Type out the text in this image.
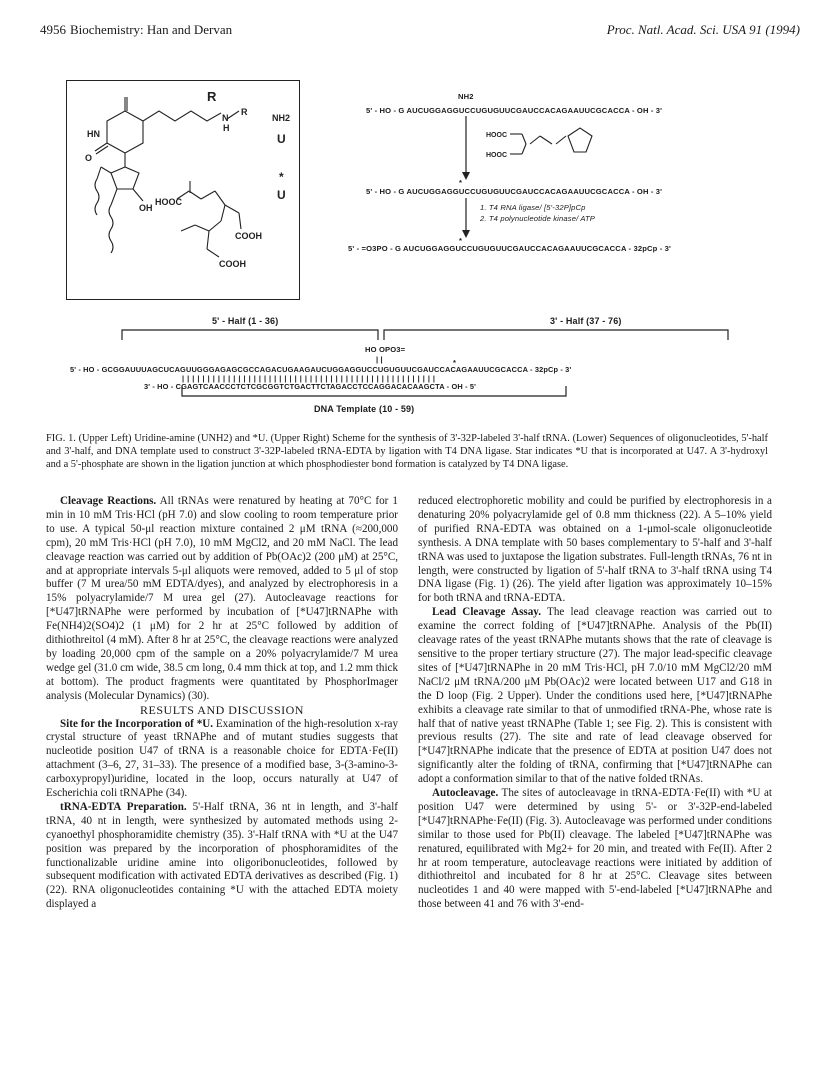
4956 Biochemistry: Han and Dervan	Proc. Natl. Acad. Sci. USA 91 (1994)
R
N
R
H
NH2
U
*
U
HN
O
OH
HOOC
COOH
COOH
NH2
5' - HO - G AUCUGGAGGUCCUGUGUUCGAUCCACAGAAUUCGCACCA - OH - 3'
HOOC
HOOC
*
5' - HO - G AUCUGGAGGUCCUGUGUUCGAUCCACAGAAUUCGCACCA - OH - 3'
1. T4 RNA ligase/ [5'-32P]pCp
2. T4 polynucleotide kinase/ ATP
*
5' - =O3PO - G AUCUGGAGGUCCUGUGUUCGAUCCACAGAAUUCGCACCA - 32pCp - 3'
5' - Half (1 - 36)	3' - Half (37 - 76)
HO OPO3=
| |	*
5' - HO - GCGGAUUUAGCUCAGUUGGGAGAGCGCCAGACUGAAGAUCUGGAGGUCCUGUGUUCGAUCCACAGAAUUCGCACCA - 32pCp - 3'
| | | | | | | | | | | | | | | | | | | | | | | | | | | | | | | | | | | | | | | | | | | | | | | | | |
3' - HO - CGAGTCAACCCTCTCGCGGTCTGACTTCTAGACCTCCAGGACACAAGCTA - OH - 5'
DNA Template (10 - 59)
FIG. 1. (Upper Left) Uridine-amine (UNH2) and *U. (Upper Right) Scheme for the synthesis of 3'-32P-labeled 3'-half tRNA. (Lower) Sequences of oligonucleotides, 5'-half and 3'-half, and DNA template used to construct 3'-32P-labeled tRNA-EDTA by ligation with T4 DNA ligase. Star indicates *U that is incorporated at U47. A 3'-hydroxyl and a 5'-phosphate are shown in the ligation junction at which phosphodiester bond formation is catalyzed by T4 DNA ligase.

Cleavage Reactions. All tRNAs were renatured by heating at 70°C for 1 min in 10 mM Tris·HCl (pH 7.0) and slow cooling to room temperature prior to use. A typical 50-μl reaction mixture contained 2 μM tRNA (≈200,000 cpm), 20 mM Tris·HCl (pH 7.0), 10 mM MgCl2, and 20 mM NaCl. The lead cleavage reaction was carried out by addition of Pb(OAc)2 (200 μM) at 25°C, and at appropriate intervals 5-μl aliquots were removed, added to 5 μl of stop buffer (7 M urea/50 mM EDTA/dyes), and analyzed by electrophoresis in a 15% polyacrylamide/7 M urea gel (27). Autocleavage reactions for [*U47]tRNAPhe were performed by incubation of [*U47]tRNAPhe with Fe(NH4)2(SO4)2 (1 μM) for 2 hr at 25°C followed by addition of dithiothreitol (4 mM). After 8 hr at 25°C, the cleavage reactions were analyzed by loading 20,000 cpm of the sample on a 20% polyacrylamide/7 M urea wedge gel (31.0 cm wide, 38.5 cm long, 0.4 mm thick at top, and 1.2 mm thick at bottom). The product fragments were quantitated by PhosphorImager analysis (Molecular Dynamics) (30).

RESULTS AND DISCUSSION

Site for the Incorporation of *U. Examination of the high-resolution x-ray crystal structure of yeast tRNAPhe and of mutant studies suggests that nucleotide position U47 of tRNA is a reasonable choice for EDTA·Fe(II) attachment (3–6, 27, 31–33). The presence of a modified base, 3-(3-amino-3-carboxypropyl)uridine, located in the loop, occurs naturally at U47 of Escherichia coli tRNAPhe (34).

tRNA-EDTA Preparation. 5'-Half tRNA, 36 nt in length, and 3'-half tRNA, 40 nt in length, were synthesized by automated methods using 2-cyanoethyl phosphoramidite chemistry (35). 3'-Half tRNA with *U at the U47 position was prepared by the incorporation of phosphoramidites of the functionalizable uridine amine into oligoribonucleotides, followed by subsequent modification with activated EDTA derivatives as described (Fig. 1) (22). RNA oligonucleotides containing *U with the attached EDTA moiety displayed a

reduced electrophoretic mobility and could be purified by electrophoresis in a denaturing 20% polyacrylamide gel of 0.8 mm thickness (22). A 5–10% yield of purified RNA-EDTA was obtained on a 1-μmol-scale oligonucleotide synthesis. A DNA template with 50 bases complementary to 5'-half and 3'-half tRNA was used to juxtapose the ligation substrates. Full-length tRNAs, 76 nt in length, were constructed by ligation of 5'-half tRNA to 3'-half tRNA using T4 DNA ligase (Fig. 1) (26). The yield after ligation was approximately 10–15% for both tRNA and tRNA-EDTA.

Lead Cleavage Assay. The lead cleavage reaction was carried out to examine the correct folding of [*U47]tRNAPhe. Analysis of the Pb(II) cleavage rates of the yeast tRNAPhe mutants shows that the rate of cleavage is sensitive to the proper tertiary structure (27). The major lead-specific cleavage sites of [*U47]tRNAPhe in 20 mM Tris·HCl, pH 7.0/10 mM MgCl2/20 mM NaCl/2 μM tRNA/200 μM Pb(OAc)2 were located between U17 and G18 in the D loop (Fig. 2 Upper). Under the conditions used here, [*U47]tRNAPhe exhibits a cleavage rate similar to that of unmodified tRNA-Phe, whose rate is half that of native yeast tRNAPhe (Table 1; see Fig. 2). This is consistent with previous results (27). The site and rate of lead cleavage observed for [*U47]tRNAPhe indicate that the presence of EDTA at position U47 does not significantly alter the folding of tRNA, confirming that [*U47]tRNAPhe can adopt a conformation similar to that of the native folded tRNAs.

Autocleavage. The sites of autocleavage in tRNA-EDTA·Fe(II) with *U at position U47 were determined by using 5'- or 3'-32P-end-labeled [*U47]tRNAPhe·Fe(II) (Fig. 3). Autocleavage was performed under conditions similar to those used for Pb(II) cleavage. The labeled [*U47]tRNAPhe was renatured, equilibrated with Mg2+ for 20 min, and treated with Fe(II). After 2 hr at room temperature, autocleavage reactions were initiated by addition of dithiothreitol and incubated for 8 hr at 25°C. Cleavage sites between nucleotides 1 and 40 were mapped with 5'-end-labeled [*U47]tRNAPhe and those between 41 and 76 with 3'-end-
